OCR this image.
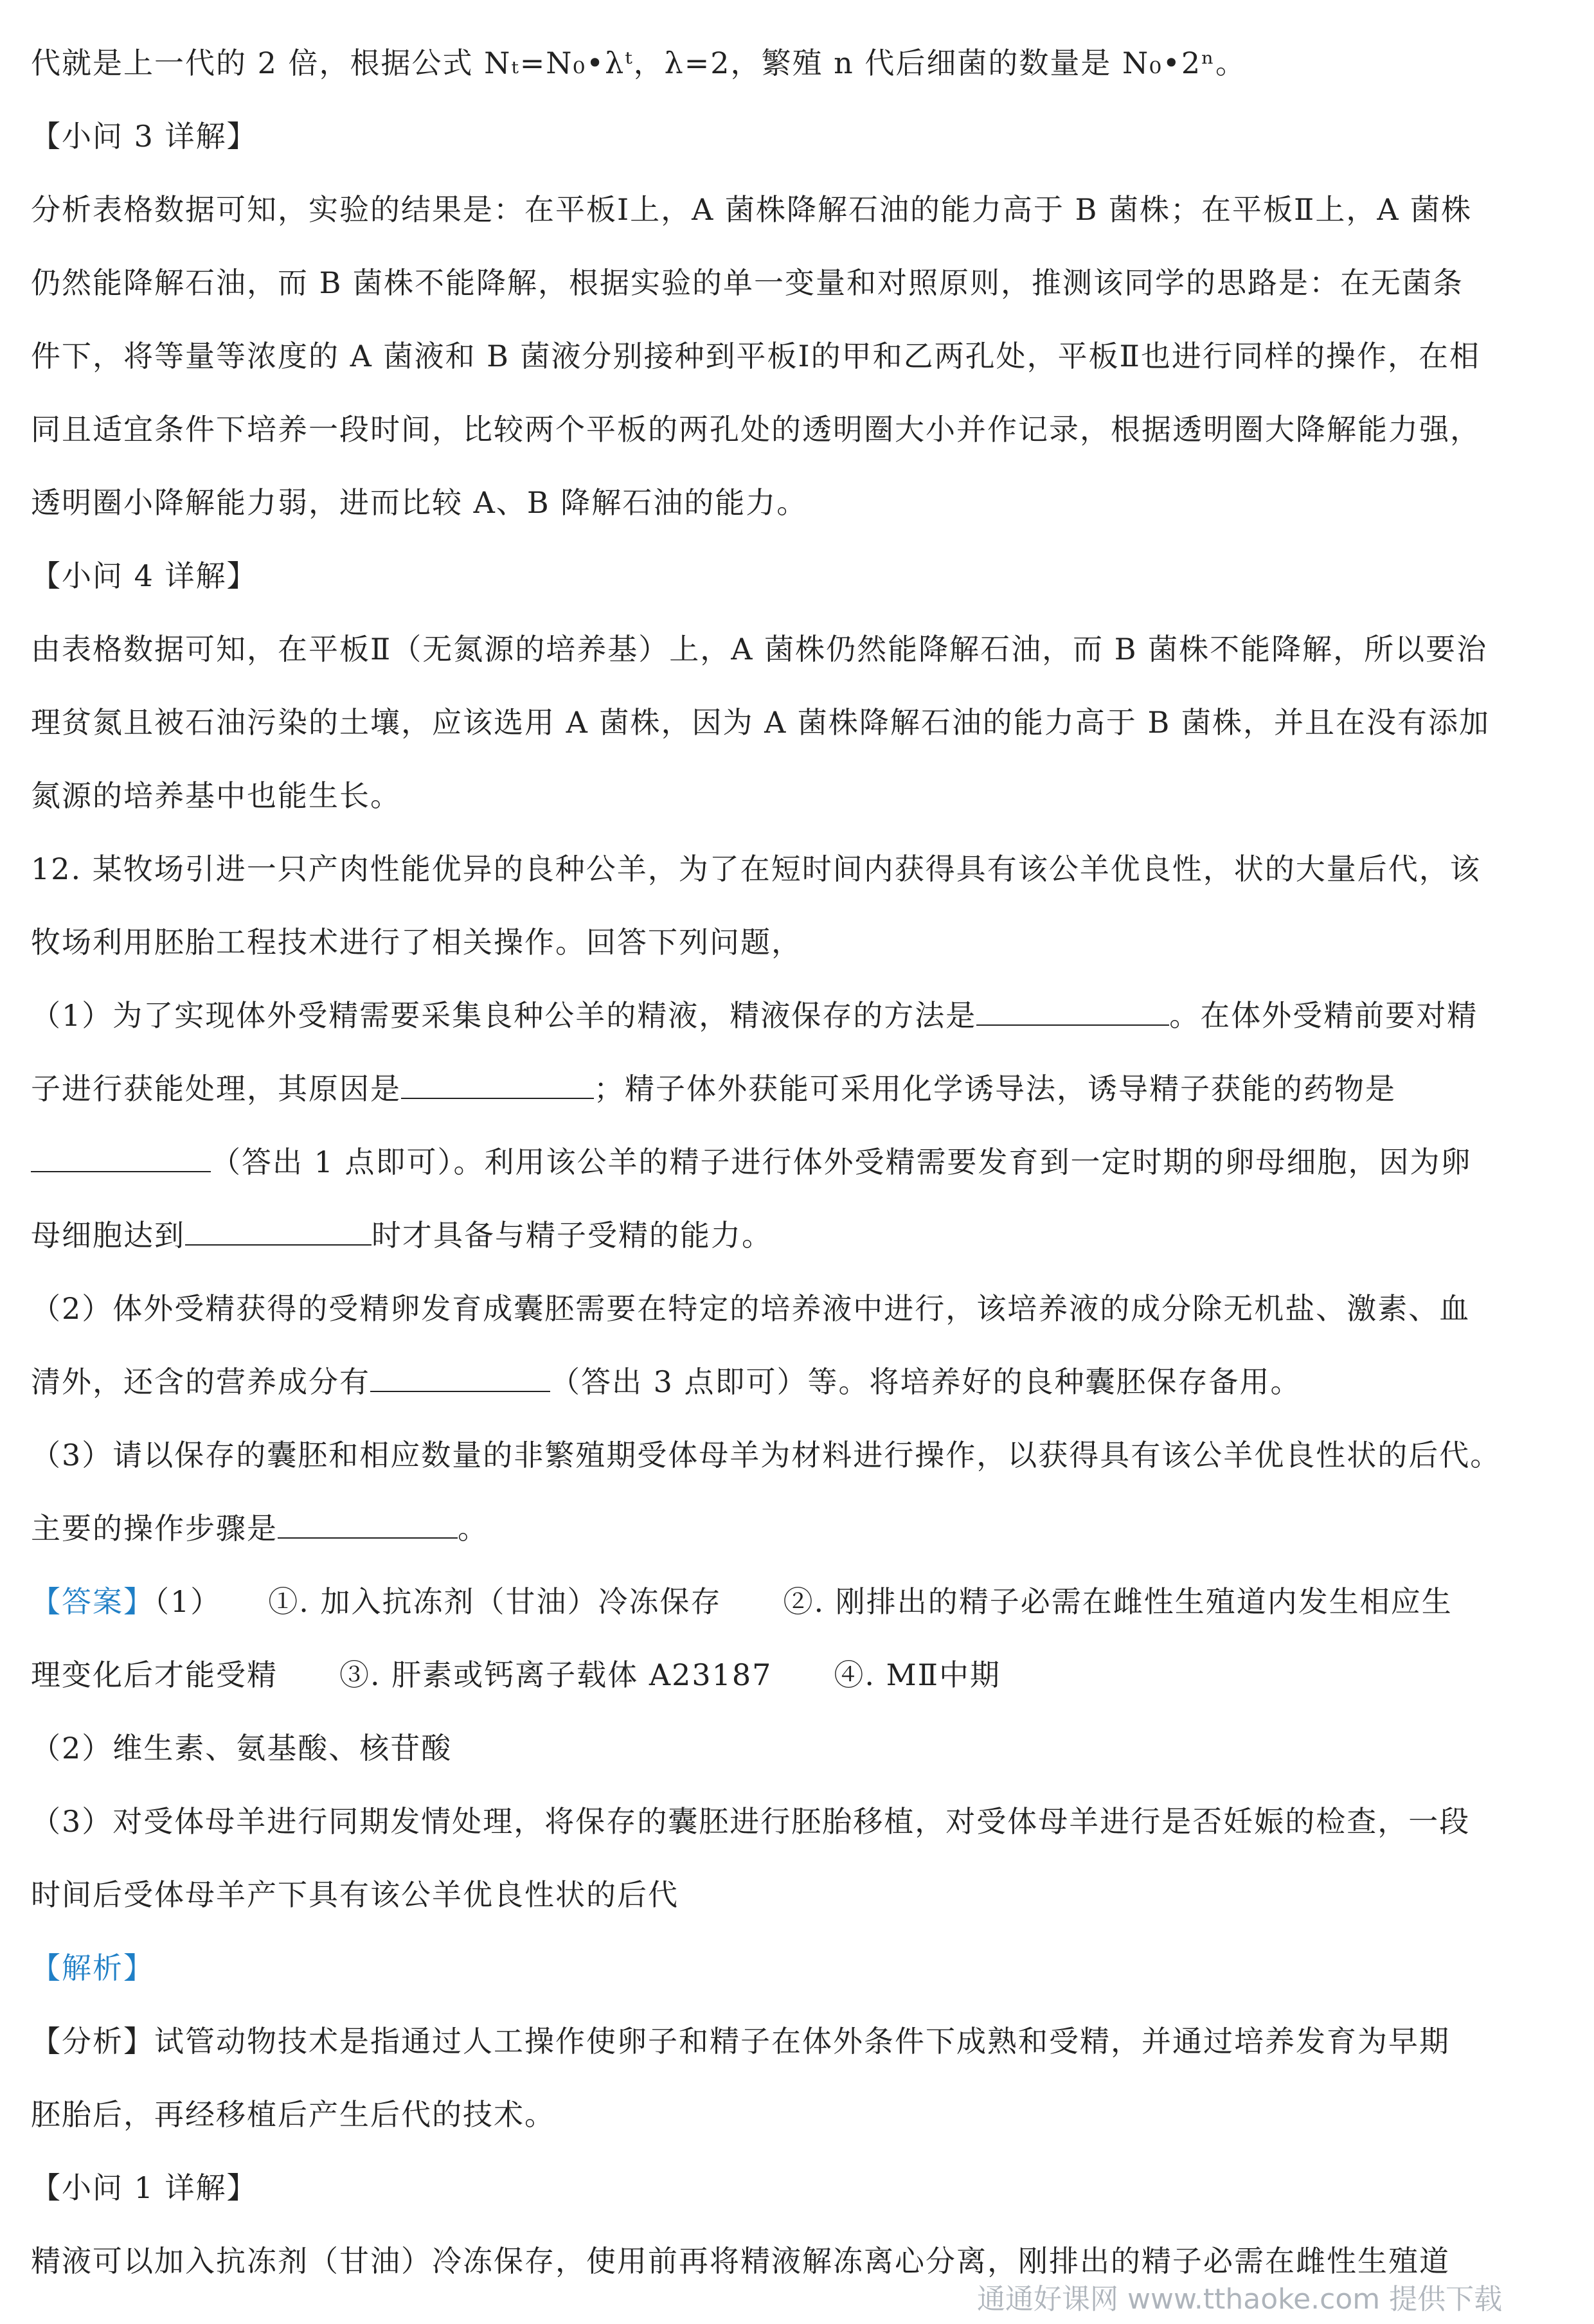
代就是上一代的 2 倍，根据公式 Nₜ=N₀•λᵗ，λ=2，繁殖 n 代后细菌的数量是 N₀•2ⁿ。
【小问 3 详解】
分析表格数据可知，实验的结果是：在平板Ⅰ上，A 菌株降解石油的能力高于 B 菌株；在平板Ⅱ上，A 菌株
仍然能降解石油，而 B 菌株不能降解，根据实验的单一变量和对照原则，推测该同学的思路是：在无菌条
件下，将等量等浓度的 A 菌液和 B 菌液分别接种到平板Ⅰ的甲和乙两孔处，平板Ⅱ也进行同样的操作，在相
同且适宜条件下培养一段时间，比较两个平板的两孔处的透明圈大小并作记录，根据透明圈大降解能力强，
透明圈小降解能力弱，进而比较 A、B 降解石油的能力。
【小问 4 详解】
由表格数据可知，在平板Ⅱ（无氮源的培养基）上，A 菌株仍然能降解石油，而 B 菌株不能降解，所以要治
理贫氮且被石油污染的土壤，应该选用 A 菌株，因为 A 菌株降解石油的能力高于 B 菌株，并且在没有添加
氮源的培养基中也能生长。
12. 某牧场引进一只产肉性能优异的良种公羊，为了在短时间内获得具有该公羊优良性，状的大量后代，该
牧场利用胚胎工程技术进行了相关操作。回答下列问题，
（1）为了实现体外受精需要采集良种公羊的精液，精液保存的方法是	。在体外受精前要对精
子进行获能处理，其原因是	；精子体外获能可采用化学诱导法，诱导精子获能的药物是
（答出 1 点即可）。利用该公羊的精子进行体外受精需要发育到一定时期的卵母细胞，因为卵
母细胞达到	时才具备与精子受精的能力。
（2）体外受精获得的受精卵发育成囊胚需要在特定的培养液中进行，该培养液的成分除无机盐、激素、血
清外，还含的营养成分有	（答出 3 点即可）等。将培养好的良种囊胚保存备用。
（3）请以保存的囊胚和相应数量的非繁殖期受体母羊为材料进行操作，以获得具有该公羊优良性状的后代。
主要的操作步骤是	。
【答案】（1）　　①. 加入抗冻剂（甘油）冷冻保存　　②. 刚排出的精子必需在雌性生殖道内发生相应生
理变化后才能受精　　③. 肝素或钙离子载体 A23187　　④. MⅡ中期
（2）维生素、氨基酸、核苷酸
（3）对受体母羊进行同期发情处理，将保存的囊胚进行胚胎移植，对受体母羊进行是否妊娠的检查，一段
时间后受体母羊产下具有该公羊优良性状的后代
【解析】
【分析】试管动物技术是指通过人工操作使卵子和精子在体外条件下成熟和受精，并通过培养发育为早期
胚胎后，再经移植后产生后代的技术。
【小问 1 详解】
精液可以加入抗冻剂（甘油）冷冻保存，使用前再将精液解冻离心分离，刚排出的精子必需在雌性生殖道
通通好课网 www.tthaoke.com 提供下载
